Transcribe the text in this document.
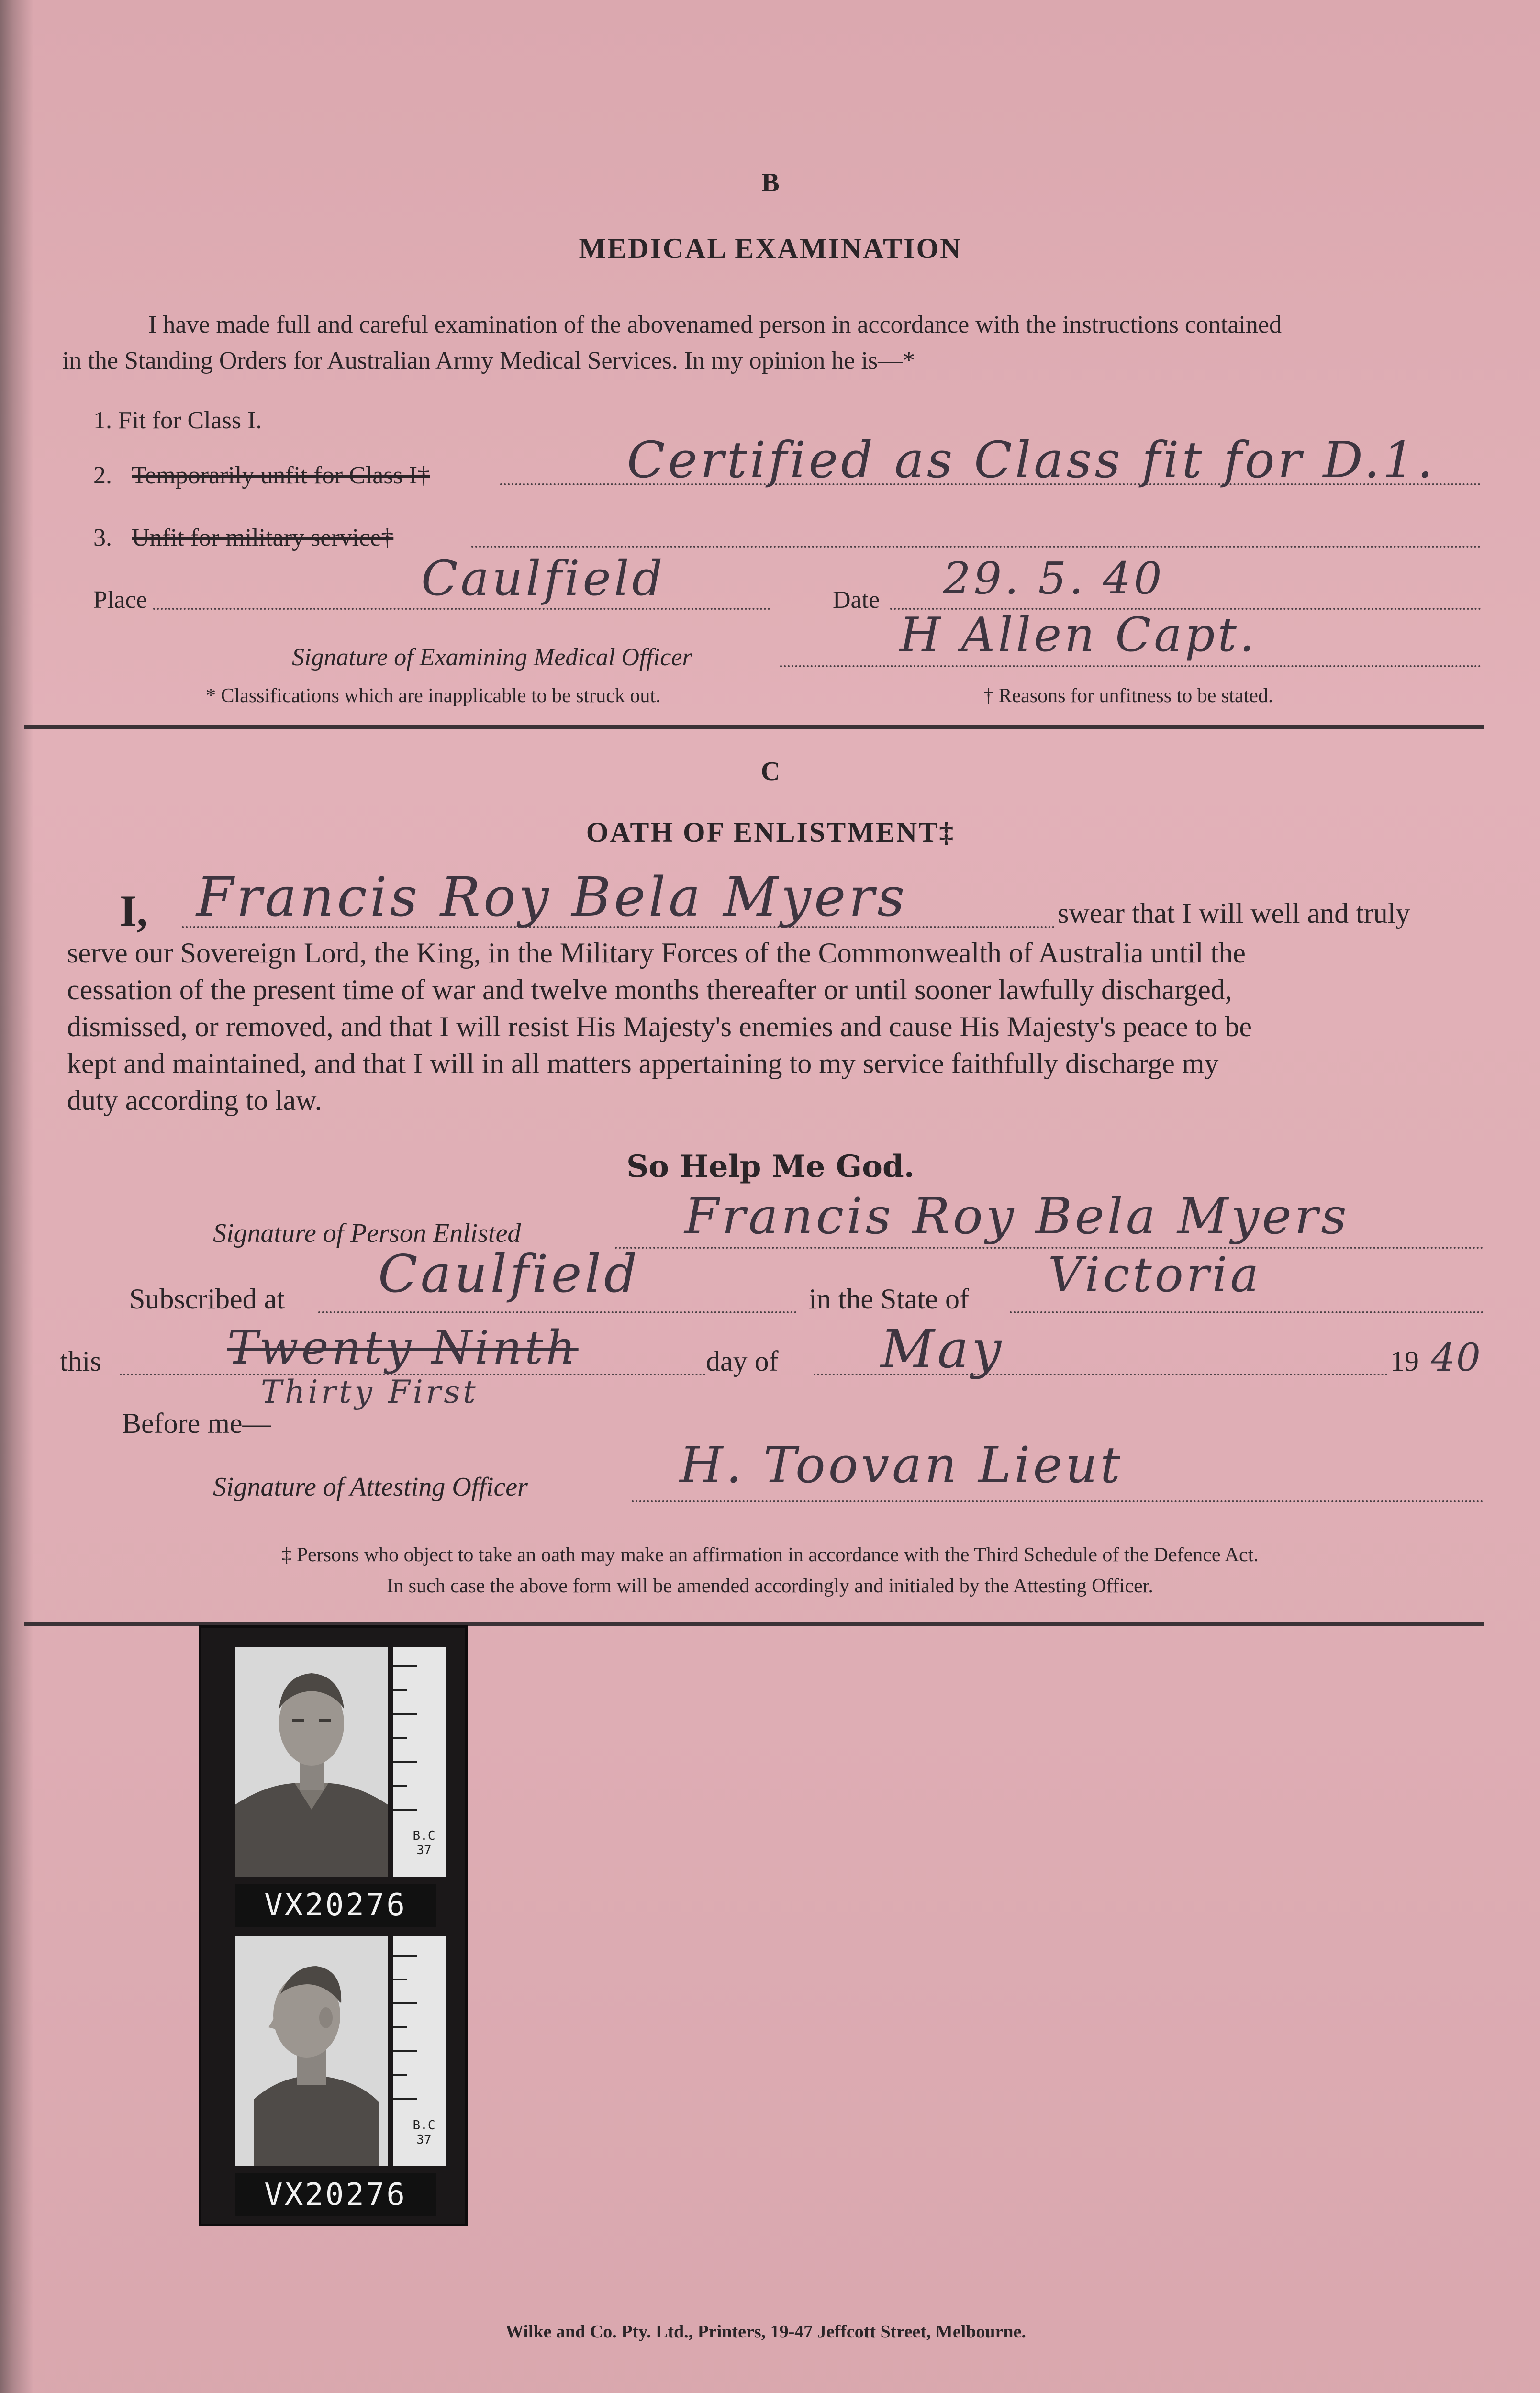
B
MEDICAL EXAMINATION
I have made full and careful examination of the abovenamed person in accordance with the instructions contained
in the Standing Orders for Australian Army Medical Services. In my opinion he is—*
1. Fit for Class I.
2. Temporarily unfit for Class I†	Certified as Class fit for D.1.
3. Unfit for military service†
Place	Caulfield	Date 29. 5. 40
Signature of Examining Medical Officer	H Allen Capt.
* Classifications which are inapplicable to be struck out.	† Reasons for unfitness to be stated.
C
OATH OF ENLISTMENT‡
I, Francis Roy Bela Myers	swear that I will well and truly
serve our Sovereign Lord, the King, in the Military Forces of the Commonwealth of Australia until the
cessation of the present time of war and twelve months thereafter or until sooner lawfully discharged,
dismissed, or removed, and that I will resist His Majesty's enemies and cause His Majesty's peace to be
kept and maintained, and that I will in all matters appertaining to my service faithfully discharge my
duty according to law.
So Help Me God.
Signature of Person Enlisted	Francis Roy Bela Myers
Subscribed at Caulfield	in the State of Victoria
this	Twenty Ninth
Thirty First
day of May	19 40
Before me—
Signature of Attesting Officer	H. Toovan Lieut
‡ Persons who object to take an oath may make an affirmation in accordance with the Third Schedule of the Defence Act.
In such case the above form will be amended accordingly and initialed by the Attesting Officer.
B.C 37
VX20276
B.C 37
VX20276
Wilke and Co. Pty. Ltd., Printers, 19-47 Jeffcott Street, Melbourne.
